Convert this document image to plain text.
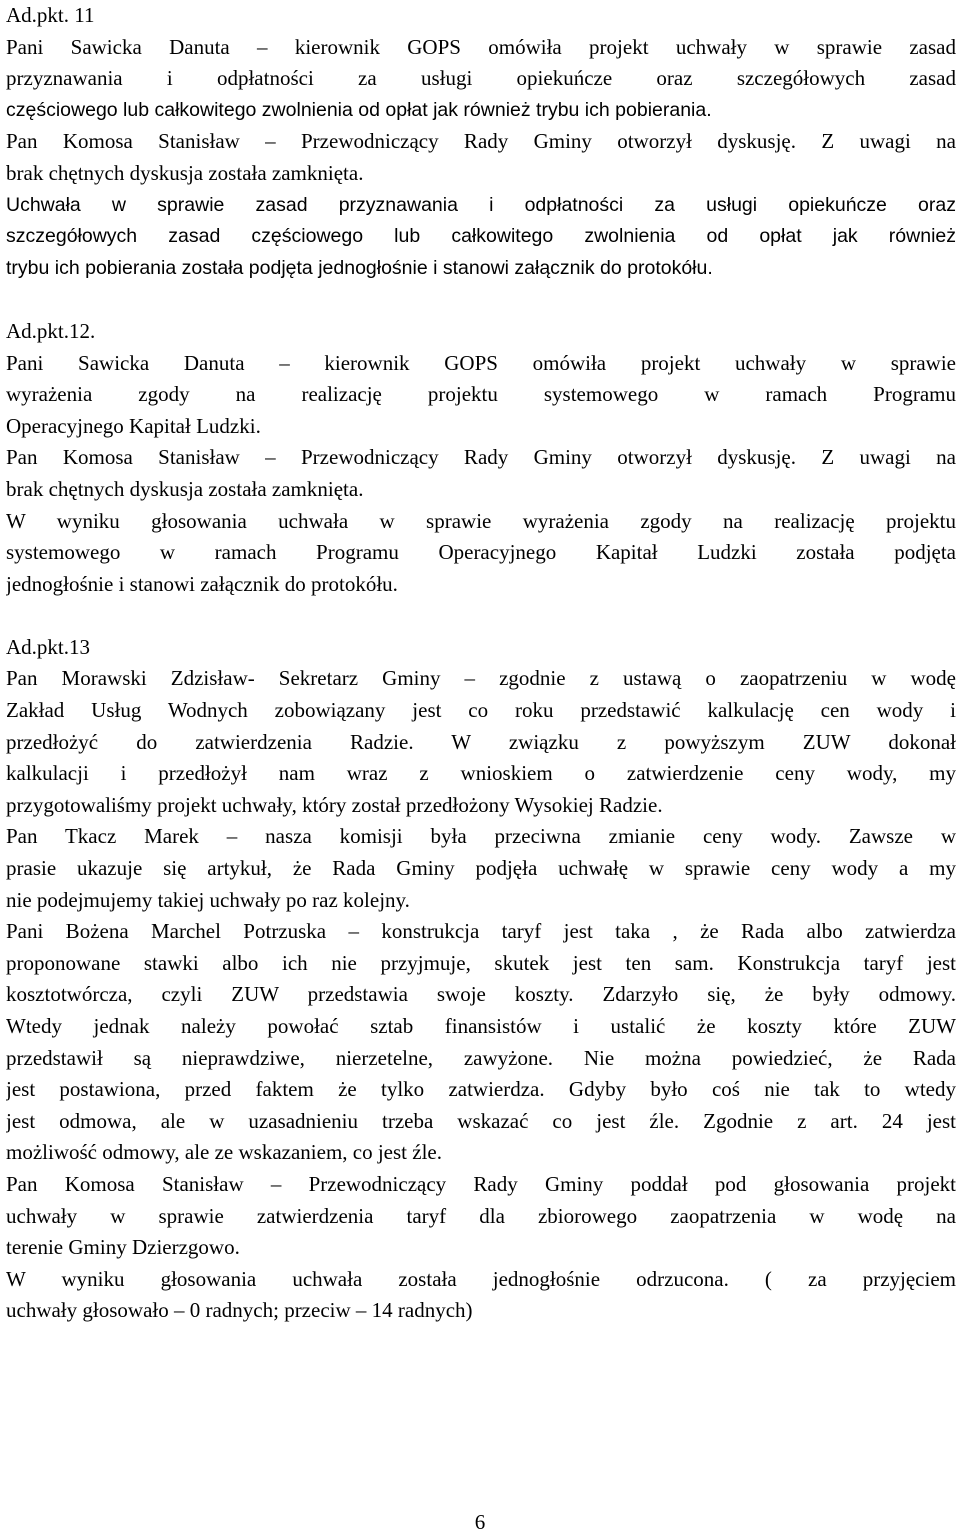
Ad.pkt. 11
Pani Sawicka Danuta – kierownik GOPS omówiła projekt uchwały w sprawie zasad
przyznawania i odpłatności za usługi opiekuńcze oraz szczegółowych zasad
częściowego lub całkowitego zwolnienia od opłat jak również trybu ich pobierania.
Pan Komosa Stanisław – Przewodniczący Rady Gminy otworzył dyskusję. Z uwagi na
brak chętnych dyskusja została zamknięta.
Uchwała w sprawie zasad przyznawania i odpłatności za usługi opiekuńcze oraz
szczegółowych zasad częściowego lub całkowitego zwolnienia od opłat jak również
trybu ich pobierania została podjęta jednogłośnie i stanowi załącznik do protokółu.
Ad.pkt.12.
Pani Sawicka Danuta – kierownik GOPS omówiła projekt uchwały w sprawie
wyrażenia zgody na realizację projektu systemowego w ramach Programu
Operacyjnego Kapitał Ludzki.
Pan Komosa Stanisław – Przewodniczący Rady Gminy otworzył dyskusję. Z uwagi na
brak chętnych dyskusja została zamknięta.
W wyniku głosowania uchwała w sprawie wyrażenia zgody na realizację projektu
systemowego w ramach Programu Operacyjnego Kapitał Ludzki została podjęta
jednogłośnie i stanowi załącznik do protokółu.
Ad.pkt.13
Pan Morawski Zdzisław- Sekretarz Gminy – zgodnie z ustawą o zaopatrzeniu w wodę
Zakład Usług Wodnych zobowiązany jest co roku przedstawić kalkulację cen wody i
przedłożyć do zatwierdzenia Radzie. W związku z powyższym ZUW dokonał
kalkulacji i przedłożył nam wraz z wnioskiem o zatwierdzenie ceny wody, my
przygotowaliśmy projekt uchwały, który został przedłożony Wysokiej Radzie.
Pan Tkacz Marek – nasza komisji była przeciwna zmianie ceny wody. Zawsze w
prasie ukazuje się artykuł, że Rada Gminy podjęła uchwałę w sprawie ceny wody a my
nie podejmujemy takiej uchwały po raz kolejny.
Pani Bożena Marchel Potrzuska – konstrukcja taryf jest taka , że Rada albo zatwierdza
proponowane stawki albo ich nie przyjmuje, skutek jest ten sam. Konstrukcja taryf jest
kosztotwórcza, czyli ZUW przedstawia swoje koszty. Zdarzyło się, że były odmowy.
Wtedy jednak należy powołać sztab finansistów i ustalić że koszty które ZUW
przedstawił są nieprawdziwe, nierzetelne, zawyżone. Nie można powiedzieć, że Rada
jest postawiona, przed faktem że tylko zatwierdza. Gdyby było coś nie tak to wtedy
jest odmowa, ale w uzasadnieniu trzeba wskazać co jest źle. Zgodnie z art. 24 jest
możliwość odmowy, ale ze wskazaniem, co jest źle.
Pan Komosa Stanisław – Przewodniczący Rady Gminy poddał pod głosowania projekt
uchwały w sprawie zatwierdzenia taryf dla zbiorowego zaopatrzenia w wodę na
terenie Gminy Dzierzgowo.
W wyniku głosowania uchwała została jednogłośnie odrzucona. ( za przyjęciem
uchwały głosowało – 0 radnych; przeciw – 14 radnych)
6
